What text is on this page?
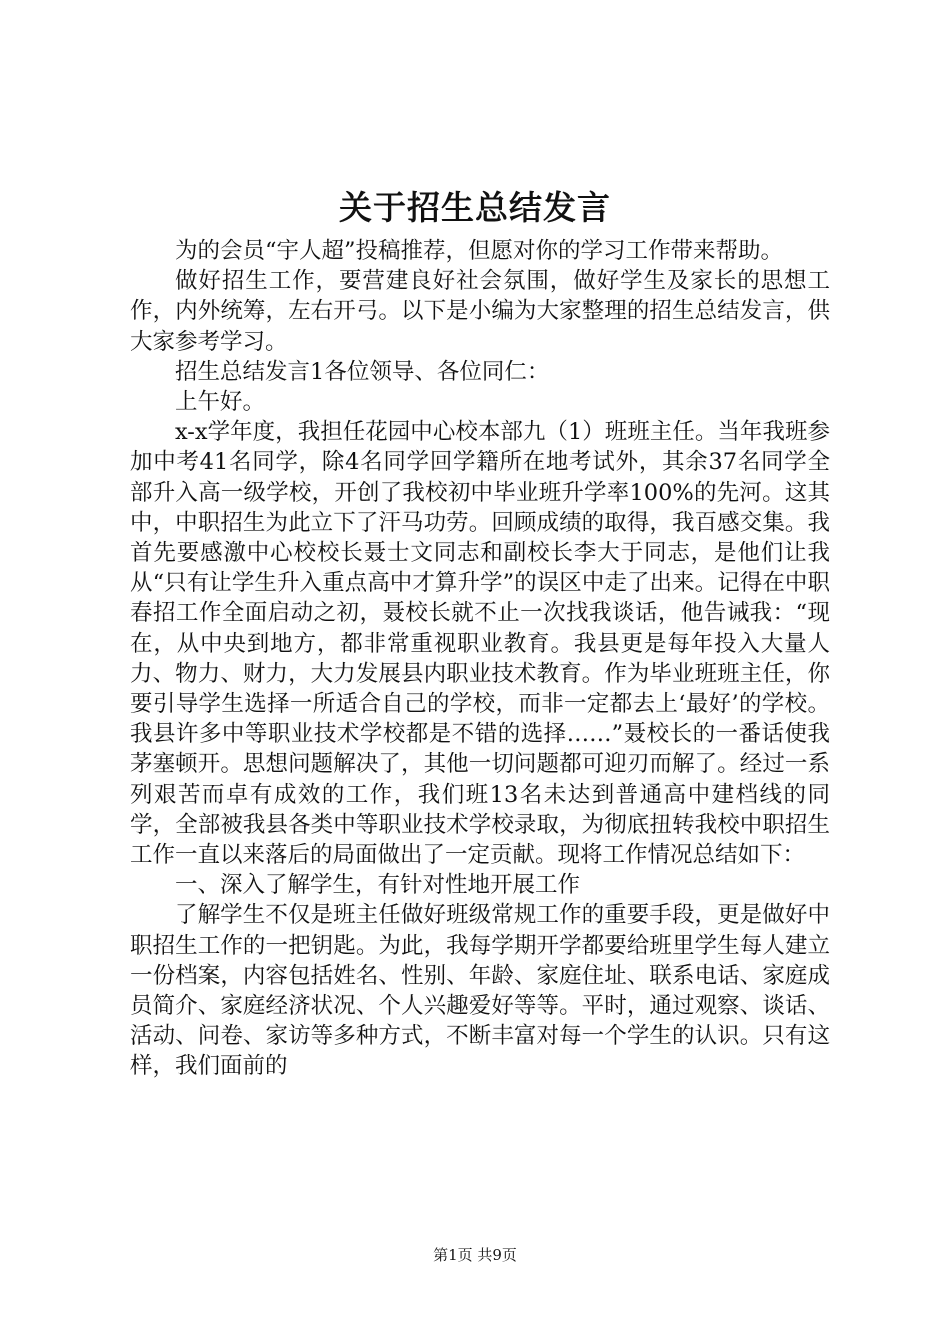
关于招生总结发言

为的会员“宇人超”投稿推荐，但愿对你的学习工作带来帮助。

做好招生工作，要营建良好社会氛围，做好学生及家长的思想工作，内外统筹，左右开弓。以下是小编为大家整理的招生总结发言，供大家参考学习。

招生总结发言1各位领导、各位同仁：

上午好。

x-x学年度，我担任花园中心校本部九（1）班班主任。当年我班参加中考41名同学，除4名同学回学籍所在地考试外，其余37名同学全部升入高一级学校，开创了我校初中毕业班升学率100%的先河。这其中，中职招生为此立下了汗马功劳。回顾成绩的取得，我百感交集。我首先要感激中心校校长聂士文同志和副校长李大于同志，是他们让我从“只有让学生升入重点高中才算升学”的误区中走了出来。记得在中职春招工作全面启动之初，聂校长就不止一次找我谈话，他告诫我：“现在，从中央到地方，都非常重视职业教育。我县更是每年投入大量人力、物力、财力，大力发展县内职业技术教育。作为毕业班班主任，你要引导学生选择一所适合自己的学校，而非一定都去上‘最好’的学校。我县许多中等职业技术学校都是不错的选择……”聂校长的一番话使我茅塞顿开。思想问题解决了，其他一切问题都可迎刃而解了。经过一系列艰苦而卓有成效的工作，我们班13名未达到普通高中建档线的同学，全部被我县各类中等职业技术学校录取，为彻底扭转我校中职招生工作一直以来落后的局面做出了一定贡献。现将工作情况总结如下：

一、深入了解学生，有针对性地开展工作

了解学生不仅是班主任做好班级常规工作的重要手段，更是做好中职招生工作的一把钥匙。为此，我每学期开学都要给班里学生每人建立一份档案，内容包括姓名、性别、年龄、家庭住址、联系电话、家庭成员简介、家庭经济状况、个人兴趣爱好等等。平时，通过观察、谈话、活动、问卷、家访等多种方式，不断丰富对每一个学生的认识。只有这样，我们面前的

第1页 共9页
